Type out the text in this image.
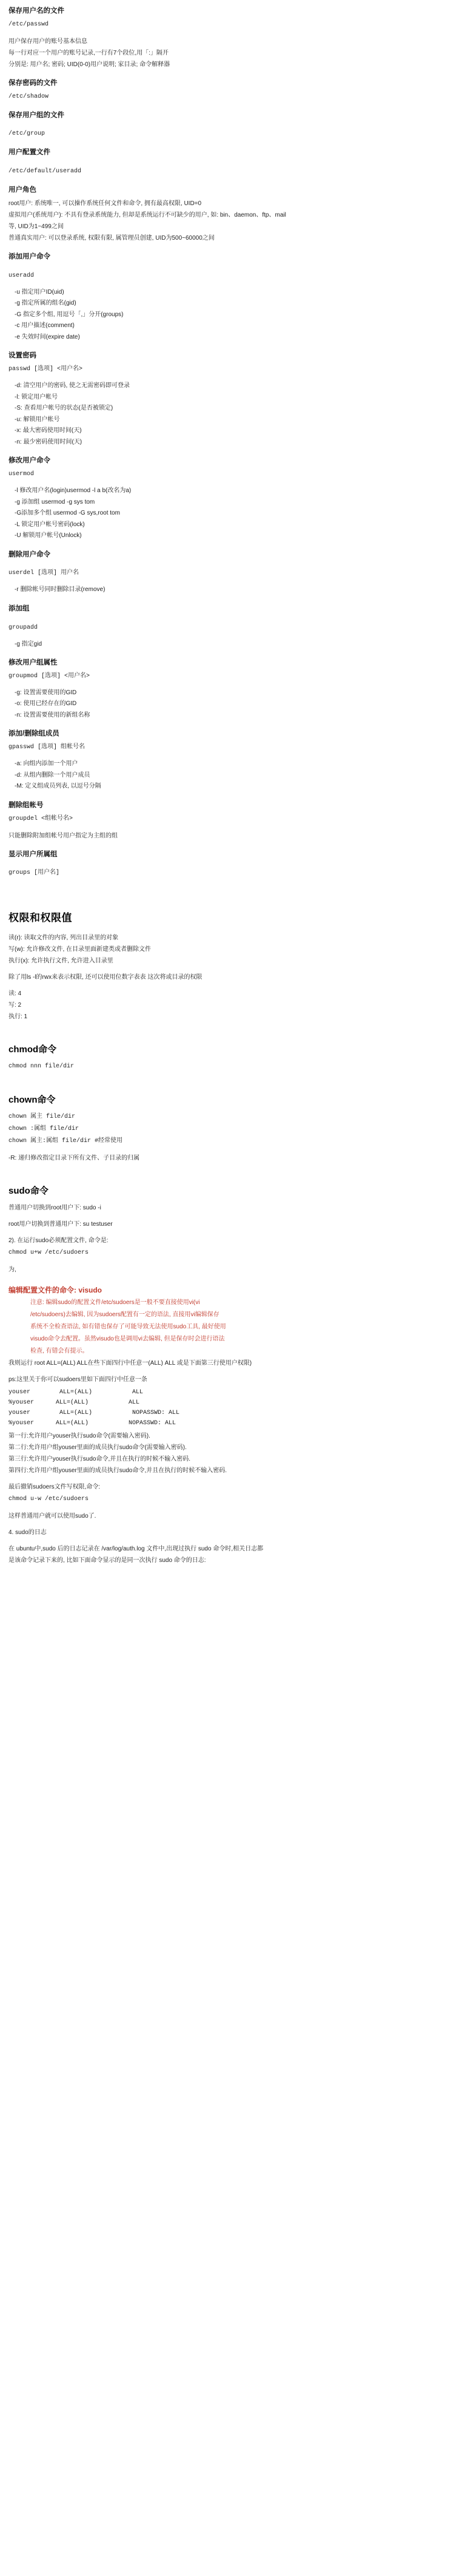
保存用户名的文件
/etc/passwd
用户保存用户的账号基本信息
每一行对应一个用户的账号记录,一行有7个段位,用「:」隔开
分别是: 用户名; 密码; UID(0-0)用户说明; 家目录; 命令解释器
保存密码的文件
/etc/shadow
保存用户组的文件
/etc/group
用户配置文件
/etc/default/useradd
用户角色
root用户: 系统唯一, 可以操作系统任何文件和命令, 拥有最高权限, UID=0
虚拟用户(系统用户): 不具有登录系统能力, 但却是系统运行不可缺少的用户, 如: bin、daemon、ftp、mail
等, UID为1~499之间
普通真实用户: 可以登录系统, 权限有限, 属管理员创建, UID为500~60000之间
添加用户命令
useradd
-u 指定用户ID(uid)
-g 指定所属的组名(gid)
-G 指定多个组, 用逗号「,」分开(groups)
-c 用户描述(comment)
-e 失效时间(expire date)
设置密码
passwd [选项] <用户名>
-d: 清空用户的密码, 使之无需密码即可登录
-l: 锁定用户帐号
-S: 查看用户帐号的状态(是否被锁定)
-u: 解锁用户帐号
-x: 最大密码使用时间(天)
-n: 最少密码使用时间(天)
修改用户命令
usermod
-l 修改用户名(login)usermod -l a b(改名为a)
-g 添加组 usermod -g sys tom
-G添加多个组 usermod -G sys,root tom
-L 锁定用户帐号密码(lock)
-U 解锁用户帐号(Unlock)
删除用户命令
userdel [选项] 用户名
-r 删除帐号同时删除目录(remove)
添加组
groupadd
-g 指定gid
修改用户组属性
groupmod [选项] <用户名>
-g: 设置需要使用的GID
-o: 使用已经存在的GID
-n: 设置需要使用的新组名称
添加/删除组成员
gpasswd [选项] 组帐号名
-a: 向组内添加一个用户
-d: 从组内删除一个用户成员
-M: 定义组成员列表, 以逗号分隔
删除组帐号
groupdel <组帐号名>
只能删除附加组帐号用户指定为主组的组
显示用户所属组
groups [用户名]
权限和权限值
读(r): 读取文件的内容, 列出目录里的对象
写(w): 允许修改文件, 在目录里面新建类或者删除文件
执行(x): 允许执行文件, 允许进入目录里
除了用ls -l的rwx来表示权限, 还可以使用位数字表表 这次将或目录的权限
读: 4
写: 2
执行: 1
chmod命令
chmod nnn file/dir
chown命令
chown 属主 file/dir
chown :属组 file/dir
chown 属主:属组 file/dir #经常使用
-R: 递归修改指定目录下所有文件、子目录的归属
sudo命令
普通用户切换到root用户下: sudo -i
root用户切换到普通用户下: su testuser
2). 在运行sudo必须配置文件, 命令是:
chmod u+w /etc/sudoers
为,
编辑配置文件的命令: visudo
注意: 编辑sudo的配置文件/etc/sudoers是一般不要直接使用vi(vi
/etc/sudoers)去编辑, 因为sudoers配置有一定的语法, 直接用vi编辑保存
系统不全检查语法, 如有错也保存了可能导致无法使用sudo工具, 最好使用
visudo命令去配置。虽然visudo也是调用vi去编辑, 但是保存时会进行语法
检查, 有错会有提示。
我则运行 root ALL=(ALL) ALL在些下面四行中任意一(ALL) ALL 或是下面第三行使用户权限)
ps:这里关于你可以sudoers里如下面四行中任意一条
youser        ALL=(ALL)           ALL
%youser      ALL=(ALL)           ALL
youser        ALL=(ALL)           NOPASSWD: ALL
%youser      ALL=(ALL)           NOPASSWD: ALL
第一行:允许用户youser执行sudo命令(需要输入密码).
第二行:允许用户组youser里面的成员执行sudo命令(需要输入密码).
第三行:允许用户youser执行sudo命令,并且在执行的时候不输入密码.
第四行:允许用户组youser里面的成员执行sudo命令,并且在执行的时候不输入密码.
最后撤销sudoers文件写权限,命令:
chmod u-w /etc/sudoers
这样普通用户就可以使用sudo了.
4. sudo的日志
在 ubuntu中,sudo 后的日志记录在 /var/log/auth.log 文件中,出现过执行 sudo 命令时,相关日志都
是该命令记录下来的, 比如下面命令显示的是同一次执行 sudo 命令的日志:
